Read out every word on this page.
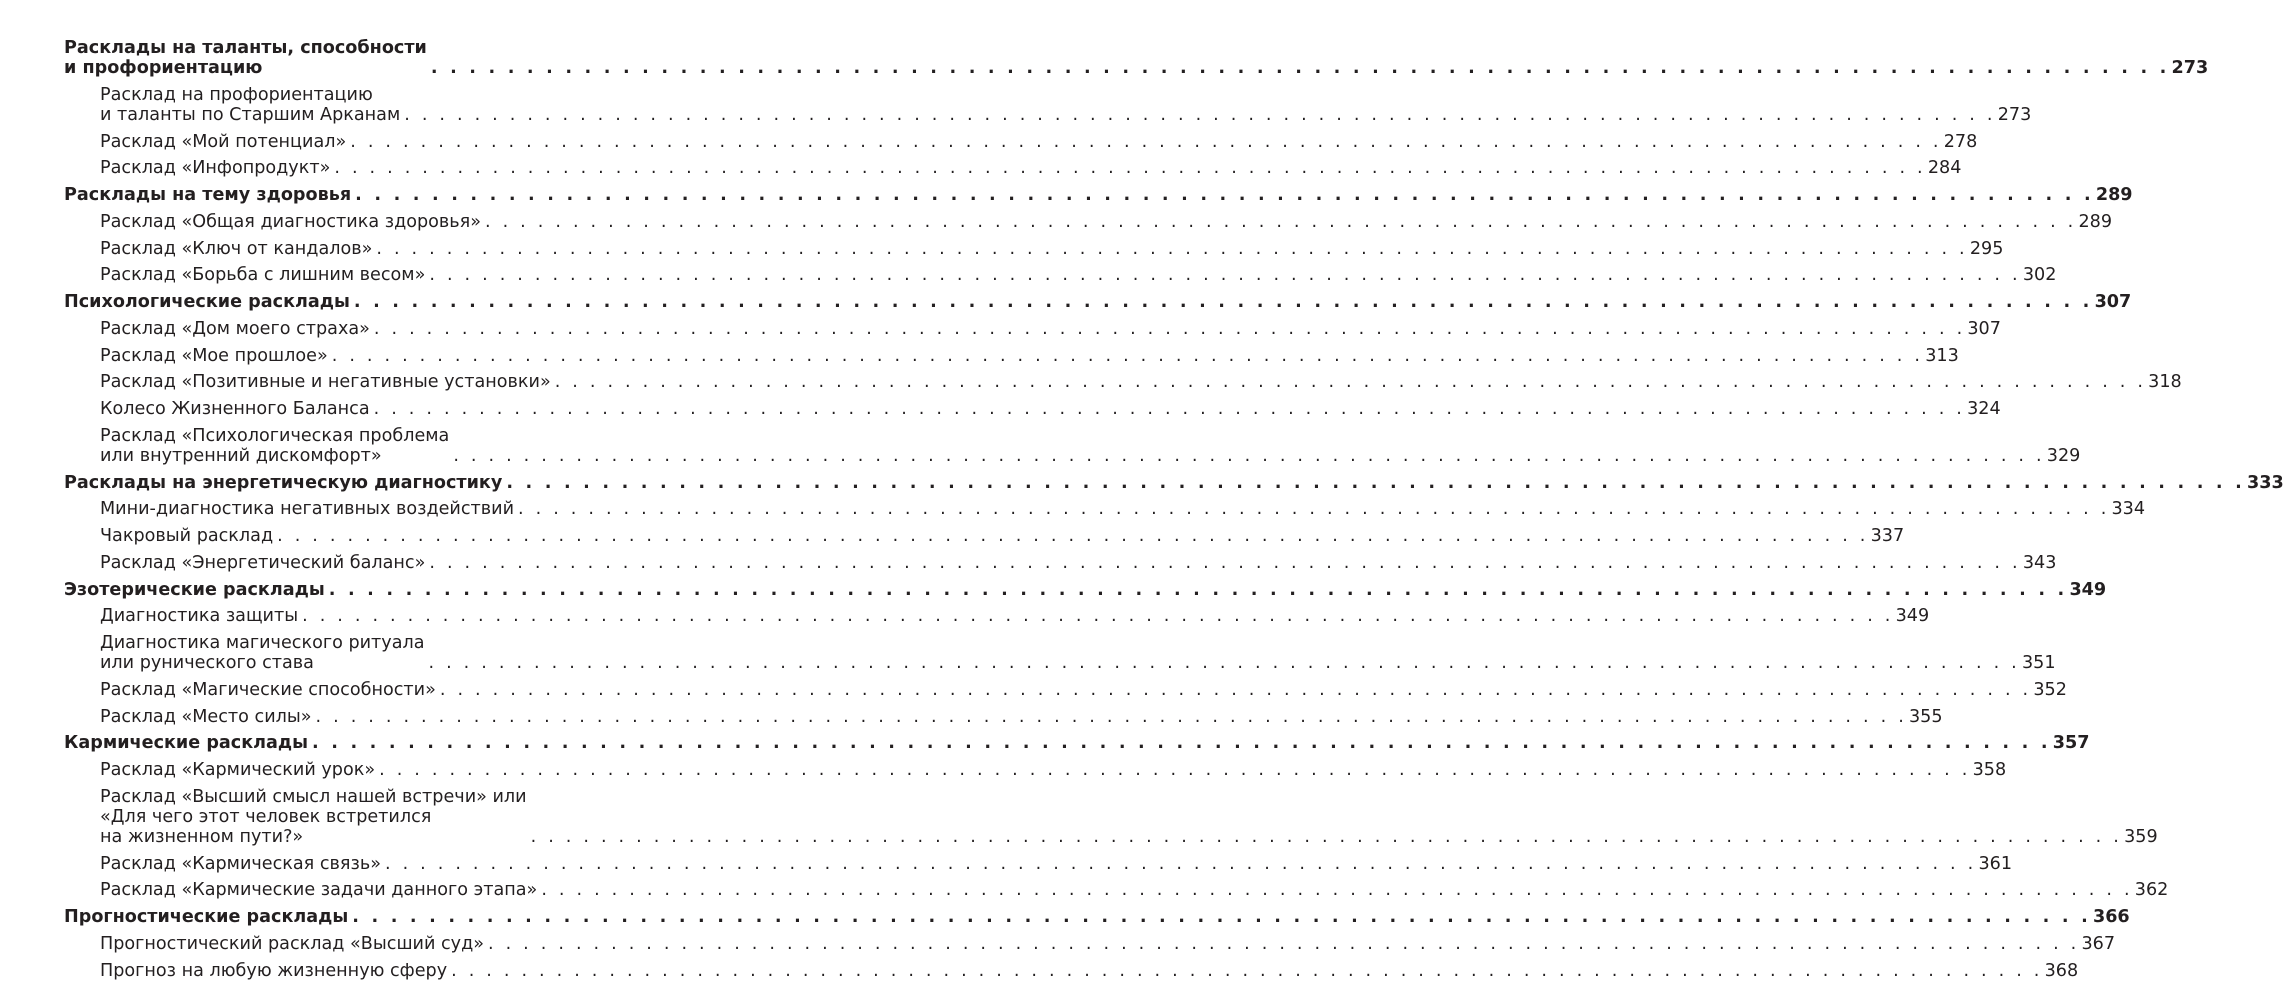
Расклады на таланты, способности
и профориентацию	. . . . . . . . . . . . . . . . . . . . . . . . . . . . . . . . . . . . . . . . . . . . . . . . . . . . . . . . . . . . . . . . . . . . . . . . . . . . . . . . . . . . . . . . . . . 273
Расклад на профориентацию
и таланты по Старшим Арканам . . . . . . . . . . . . . . . . . . . . . . . . . . . . . . . . . . . . . . . . . . . . . . . . . . . . . . . . . . . . . . . . . . . . . . . . . . . . . . . . . . . . . . . . . . . 273
Расклад «Мой потенциал» . . . . . . . . . . . . . . . . . . . . . . . . . . . . . . . . . . . . . . . . . . . . . . . . . . . . . . . . . . . . . . . . . . . . . . . . . . . . . . . . . . . . . . . . . . . 278
Расклад «Инфопродукт» . . . . . . . . . . . . . . . . . . . . . . . . . . . . . . . . . . . . . . . . . . . . . . . . . . . . . . . . . . . . . . . . . . . . . . . . . . . . . . . . . . . . . . . . . . . 284
Расклады на тему здоровья . . . . . . . . . . . . . . . . . . . . . . . . . . . . . . . . . . . . . . . . . . . . . . . . . . . . . . . . . . . . . . . . . . . . . . . . . . . . . . . . . . . . . . . . . . . 289
Расклад «Общая диагностика здоровья» . . . . . . . . . . . . . . . . . . . . . . . . . . . . . . . . . . . . . . . . . . . . . . . . . . . . . . . . . . . . . . . . . . . . . . . . . . . . . . . . . . . . . . . . . . . 289
Расклад «Ключ от кандалов» . . . . . . . . . . . . . . . . . . . . . . . . . . . . . . . . . . . . . . . . . . . . . . . . . . . . . . . . . . . . . . . . . . . . . . . . . . . . . . . . . . . . . . . . . . . 295
Расклад «Борьба с лишним весом» . . . . . . . . . . . . . . . . . . . . . . . . . . . . . . . . . . . . . . . . . . . . . . . . . . . . . . . . . . . . . . . . . . . . . . . . . . . . . . . . . . . . . . . . . . . 302
Психологические расклады . . . . . . . . . . . . . . . . . . . . . . . . . . . . . . . . . . . . . . . . . . . . . . . . . . . . . . . . . . . . . . . . . . . . . . . . . . . . . . . . . . . . . . . . . . . 307
Расклад «Дом моего страха» . . . . . . . . . . . . . . . . . . . . . . . . . . . . . . . . . . . . . . . . . . . . . . . . . . . . . . . . . . . . . . . . . . . . . . . . . . . . . . . . . . . . . . . . . . . 307
Расклад «Мое прошлое» . . . . . . . . . . . . . . . . . . . . . . . . . . . . . . . . . . . . . . . . . . . . . . . . . . . . . . . . . . . . . . . . . . . . . . . . . . . . . . . . . . . . . . . . . . . 313
Расклад «Позитивные и негативные установки» . . . . . . . . . . . . . . . . . . . . . . . . . . . . . . . . . . . . . . . . . . . . . . . . . . . . . . . . . . . . . . . . . . . . . . . . . . . . . . . . . . . . . . . . . . . 318
Колесо Жизненного Баланса . . . . . . . . . . . . . . . . . . . . . . . . . . . . . . . . . . . . . . . . . . . . . . . . . . . . . . . . . . . . . . . . . . . . . . . . . . . . . . . . . . . . . . . . . . . 324
Расклад «Психологическая проблема
или внутренний дискомфорт»	. . . . . . . . . . . . . . . . . . . . . . . . . . . . . . . . . . . . . . . . . . . . . . . . . . . . . . . . . . . . . . . . . . . . . . . . . . . . . . . . . . . . . . . . . . . 329
Расклады на энергетическую диагностику . . . . . . . . . . . . . . . . . . . . . . . . . . . . . . . . . . . . . . . . . . . . . . . . . . . . . . . . . . . . . . . . . . . . . . . . . . . . . . . . . . . . . . . . . . . 333
Мини-диагностика негативных воздействий . . . . . . . . . . . . . . . . . . . . . . . . . . . . . . . . . . . . . . . . . . . . . . . . . . . . . . . . . . . . . . . . . . . . . . . . . . . . . . . . . . . . . . . . . . . 334
Чакровый расклад . . . . . . . . . . . . . . . . . . . . . . . . . . . . . . . . . . . . . . . . . . . . . . . . . . . . . . . . . . . . . . . . . . . . . . . . . . . . . . . . . . . . . . . . . . . 337
Расклад «Энергетический баланс» . . . . . . . . . . . . . . . . . . . . . . . . . . . . . . . . . . . . . . . . . . . . . . . . . . . . . . . . . . . . . . . . . . . . . . . . . . . . . . . . . . . . . . . . . . . 343
Эзотерические расклады . . . . . . . . . . . . . . . . . . . . . . . . . . . . . . . . . . . . . . . . . . . . . . . . . . . . . . . . . . . . . . . . . . . . . . . . . . . . . . . . . . . . . . . . . . . 349
Диагностика защиты . . . . . . . . . . . . . . . . . . . . . . . . . . . . . . . . . . . . . . . . . . . . . . . . . . . . . . . . . . . . . . . . . . . . . . . . . . . . . . . . . . . . . . . . . . . 349
Диагностика магического ритуала
или рунического става	. . . . . . . . . . . . . . . . . . . . . . . . . . . . . . . . . . . . . . . . . . . . . . . . . . . . . . . . . . . . . . . . . . . . . . . . . . . . . . . . . . . . . . . . . . . 351
Расклад «Магические способности» . . . . . . . . . . . . . . . . . . . . . . . . . . . . . . . . . . . . . . . . . . . . . . . . . . . . . . . . . . . . . . . . . . . . . . . . . . . . . . . . . . . . . . . . . . . 352
Расклад «Место силы» . . . . . . . . . . . . . . . . . . . . . . . . . . . . . . . . . . . . . . . . . . . . . . . . . . . . . . . . . . . . . . . . . . . . . . . . . . . . . . . . . . . . . . . . . . . 355
Кармические расклады . . . . . . . . . . . . . . . . . . . . . . . . . . . . . . . . . . . . . . . . . . . . . . . . . . . . . . . . . . . . . . . . . . . . . . . . . . . . . . . . . . . . . . . . . . . 357
Расклад «Кармический урок» . . . . . . . . . . . . . . . . . . . . . . . . . . . . . . . . . . . . . . . . . . . . . . . . . . . . . . . . . . . . . . . . . . . . . . . . . . . . . . . . . . . . . . . . . . . 358
Расклад «Высший смысл нашей встречи» или
«Для чего этот человек встретился
на жизненном пути?»	. . . . . . . . . . . . . . . . . . . . . . . . . . . . . . . . . . . . . . . . . . . . . . . . . . . . . . . . . . . . . . . . . . . . . . . . . . . . . . . . . . . . . . . . . . . 359
Расклад «Кармическая связь» . . . . . . . . . . . . . . . . . . . . . . . . . . . . . . . . . . . . . . . . . . . . . . . . . . . . . . . . . . . . . . . . . . . . . . . . . . . . . . . . . . . . . . . . . . . 361
Расклад «Кармические задачи данного этапа» . . . . . . . . . . . . . . . . . . . . . . . . . . . . . . . . . . . . . . . . . . . . . . . . . . . . . . . . . . . . . . . . . . . . . . . . . . . . . . . . . . . . . . . . . . . 362
Прогностические расклады . . . . . . . . . . . . . . . . . . . . . . . . . . . . . . . . . . . . . . . . . . . . . . . . . . . . . . . . . . . . . . . . . . . . . . . . . . . . . . . . . . . . . . . . . . . 366
Прогностический расклад «Высший суд» . . . . . . . . . . . . . . . . . . . . . . . . . . . . . . . . . . . . . . . . . . . . . . . . . . . . . . . . . . . . . . . . . . . . . . . . . . . . . . . . . . . . . . . . . . . 367
Прогноз на любую жизненную сферу . . . . . . . . . . . . . . . . . . . . . . . . . . . . . . . . . . . . . . . . . . . . . . . . . . . . . . . . . . . . . . . . . . . . . . . . . . . . . . . . . . . . . . . . . . . 368
